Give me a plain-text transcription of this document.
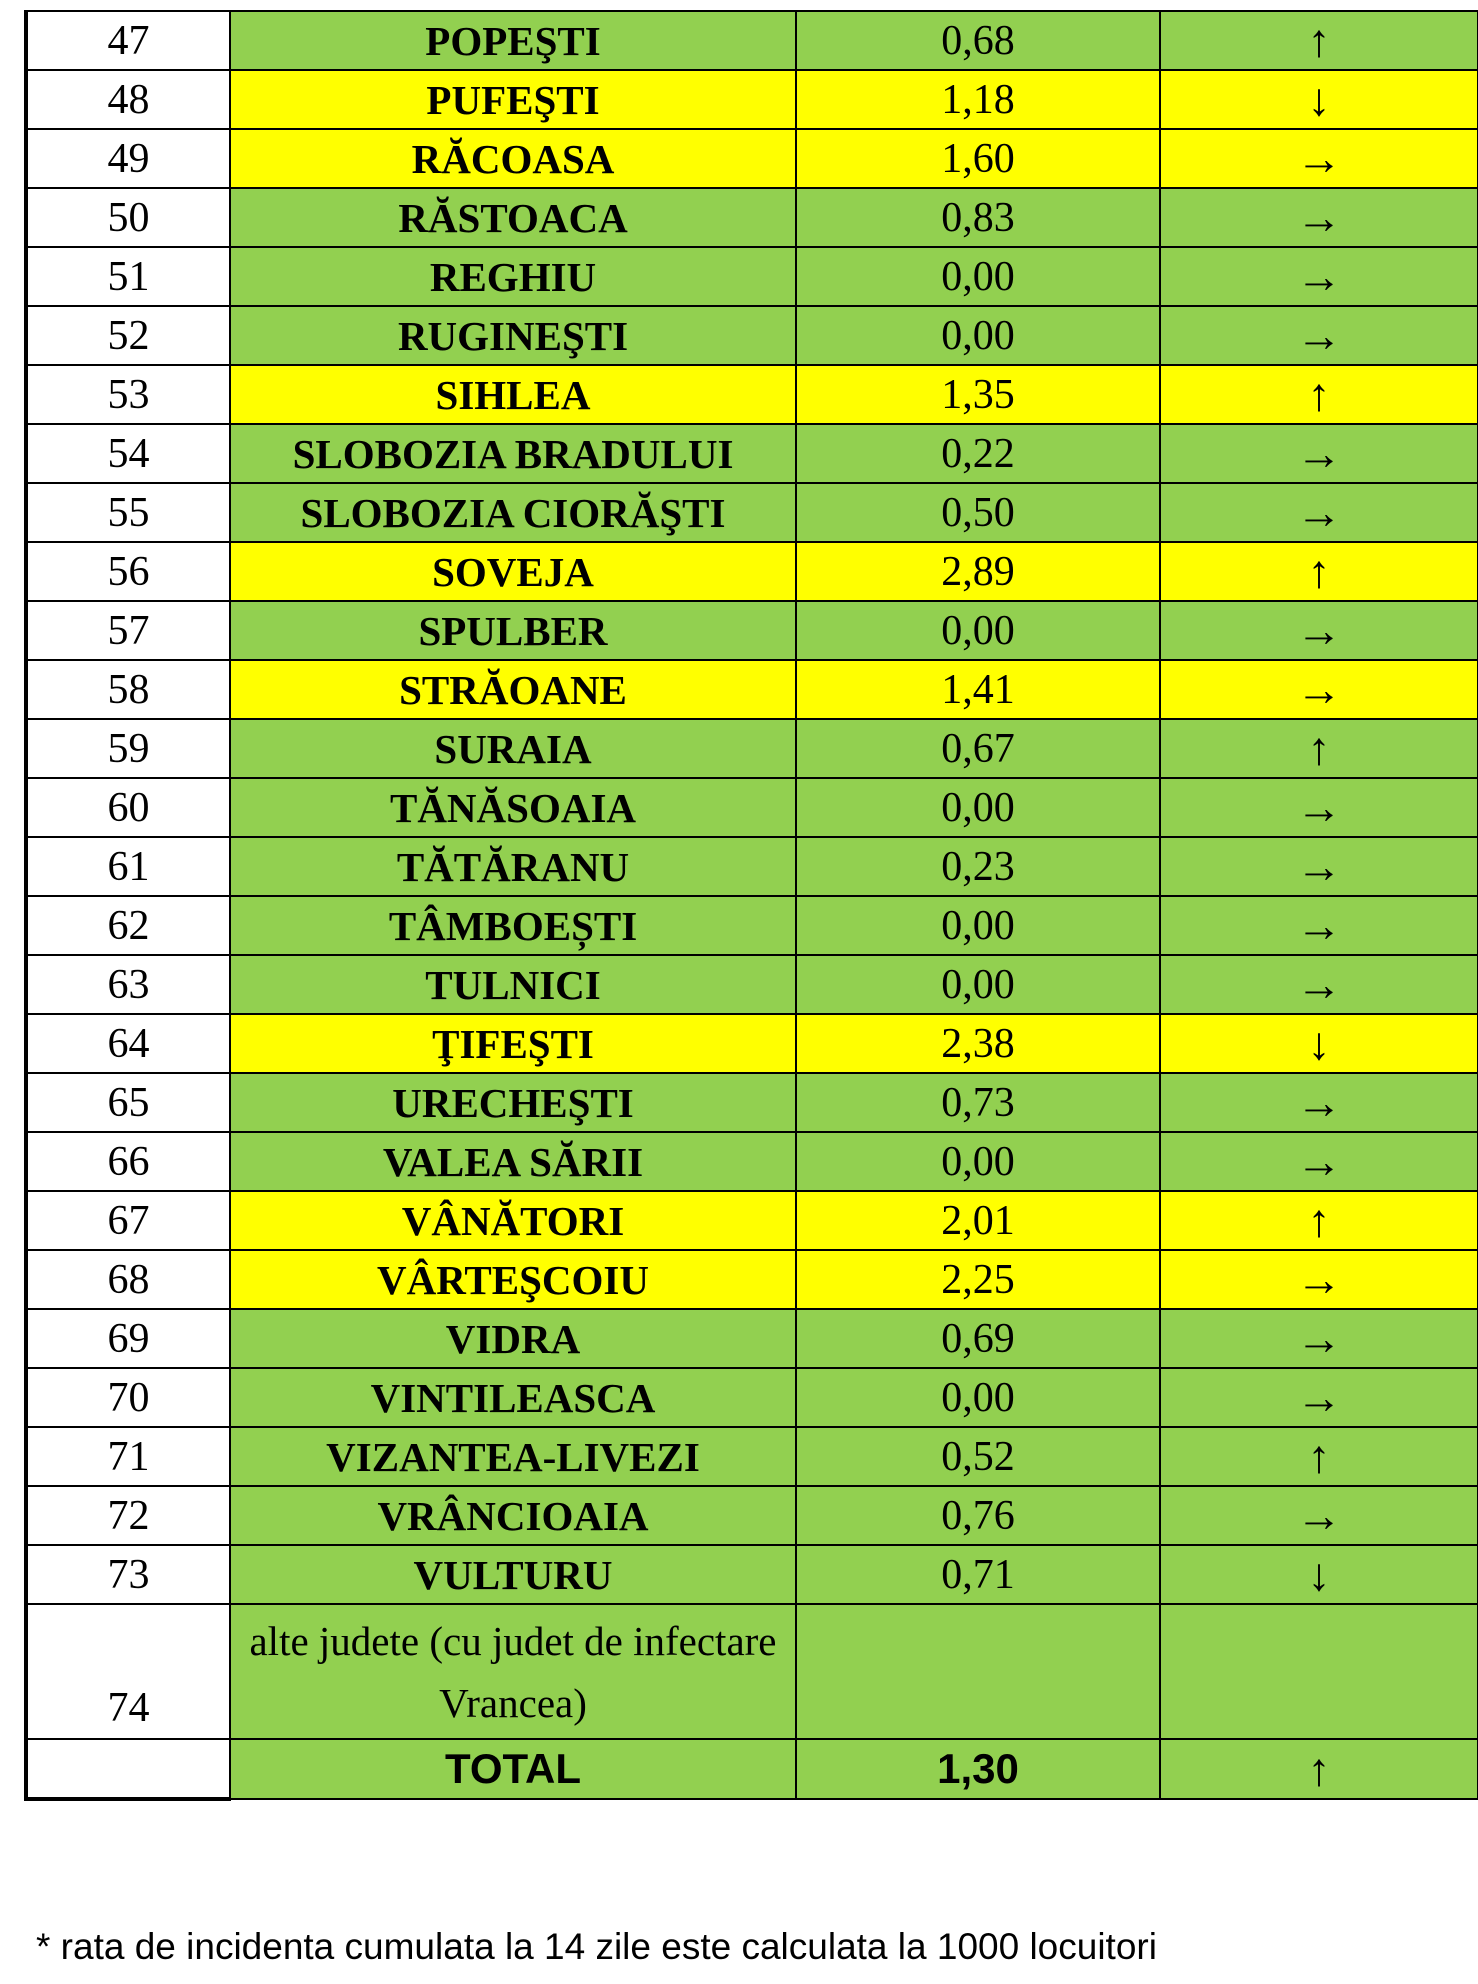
47	POPEŞTI	0,68	↑
48	PUFEŞTI	1,18	↓
49	RĂCOASA	1,60	→
50	RĂSTOACA	0,83	→
51	REGHIU	0,00	→
52	RUGINEŞTI	0,00	→
53	SIHLEA	1,35	↑
54	SLOBOZIA BRADULUI	0,22	→
55	SLOBOZIA CIORĂŞTI	0,50	→
56	SOVEJA	2,89	↑
57	SPULBER	0,00	→
58	STRĂOANE	1,41	→
59	SURAIA	0,67	↑
60	TĂNĂSOAIA	0,00	→
61	TĂTĂRANU	0,23	→
62	TÂMBOEȘTI	0,00	→
63	TULNICI	0,00	→
64	ŢIFEŞTI	2,38	↓
65	URECHEŞTI	0,73	→
66	VALEA SĂRII	0,00	→
67	VÂNĂTORI	2,01	↑
68	VÂRTEŞCOIU	2,25	→
69	VIDRA	0,69	→
70	VINTILEASCA	0,00	→
71	VIZANTEA-LIVEZI	0,52	↑
72	VRÂNCIOAIA	0,76	→
73	VULTURU	0,71	↓
74	alte judete (cu judet de infectare Vrancea)		
	TOTAL	1,30	↑
* rata de incidenta cumulata la 14 zile este calculata la 1000 locuitori
